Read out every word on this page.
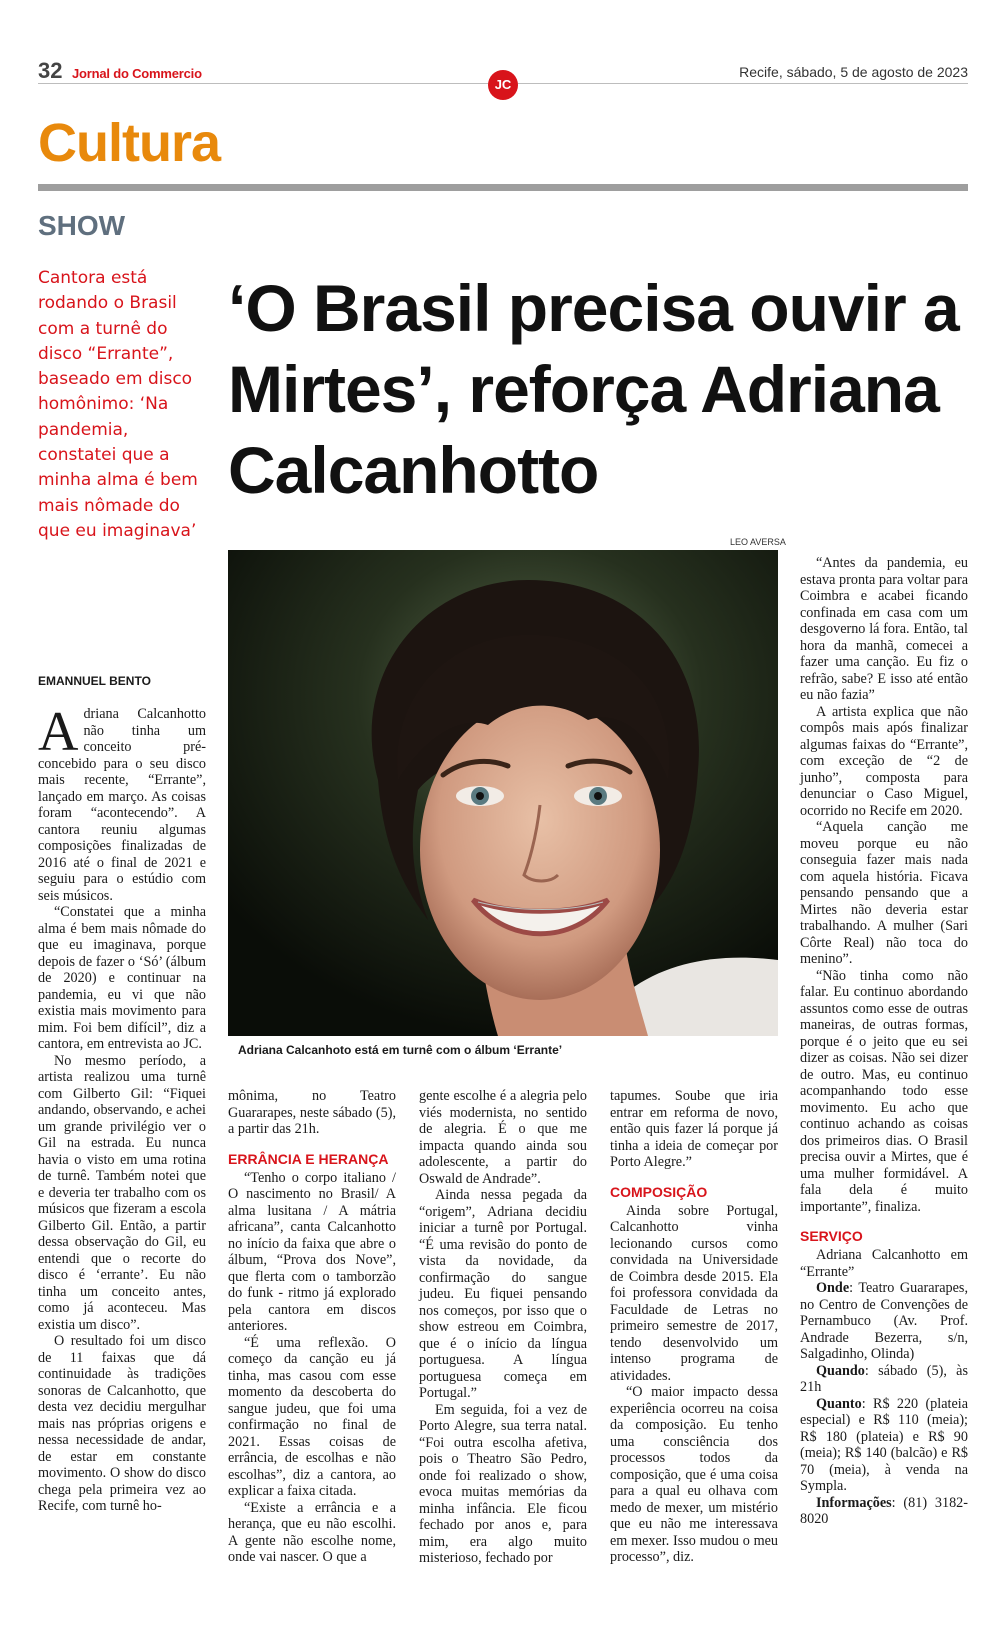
32 Jornal do Commercio
JC
Recife, sábado, 5 de agosto de 2023
Cultura
SHOW
Cantora está rodando o Brasil com a turnê do disco “Errante”, baseado em disco homônimo: ‘Na pandemia, constatei que a minha alma é bem mais nômade do que eu imaginava’
‘O Brasil precisa ouvir a Mirtes’, reforça Adriana Calcanhotto
LEO AVERSA
Adriana Calcanhoto está em turnê com o álbum ‘Errante’
EMANNUEL BENTO

Adriana Calcanhotto não tinha um conceito pré-concebido para o seu disco mais recente, “Errante”, lançado em março. As coisas foram “acontecendo”. A cantora reuniu algumas composições finalizadas de 2016 até o final de 2021 e seguiu para o estúdio com seis músicos.

“Constatei que a minha alma é bem mais nômade do que eu imaginava, porque depois de fazer o ‘Só’ (álbum de 2020) e continuar na pandemia, eu vi que não existia mais movimento para mim. Foi bem difícil”, diz a cantora, em entrevista ao JC.

No mesmo período, a artista realizou uma turnê com Gilberto Gil: “Fiquei andando, observando, e achei um grande privilégio ver o Gil na estrada. Eu nunca havia o visto em uma rotina de turnê. Também notei que e deveria ter trabalho com os músicos que fizeram a escola Gilberto Gil. Então, a partir dessa observação do Gil, eu entendi que o recorte do disco é ‘errante’. Eu não tinha um conceito antes, como já aconteceu. Mas existia um disco”.

O resultado foi um disco de 11 faixas que dá continuidade às tradições sonoras de Calcanhotto, que desta vez decidiu mergulhar mais nas próprias origens e nessa necessidade de andar, de estar em constante movimento. O show do disco chega pela primeira vez ao Recife, com turnê ho-

mônima, no Teatro Guararapes, neste sábado (5), a partir das 21h.

ERRÂNCIA E HERANÇA

“Tenho o corpo italiano / O nascimento no Brasil/ A alma lusitana / A mátria africana”, canta Calcanhotto no início da faixa que abre o álbum, “Prova dos Nove”, que flerta com o tamborzão do funk - ritmo já explorado pela cantora em discos anteriores.

“É uma reflexão. O começo da canção eu já tinha, mas casou com esse momento da descoberta do sangue judeu, que foi uma confirmação no final de 2021. Essas coisas de errância, de escolhas e não escolhas”, diz a cantora, ao explicar a faixa citada.

“Existe a errância e a herança, que eu não escolhi. A gente não escolhe nome, onde vai nascer. O que a

gente escolhe é a alegria pelo viés modernista, no sentido de alegria. É o que me impacta quando ainda sou adolescente, a partir do Oswald de Andrade”.

Ainda nessa pegada da “origem”, Adriana decidiu iniciar a turnê por Portugal. “É uma revisão do ponto de vista da novidade, da confirmação do sangue judeu. Eu fiquei pensando nos começos, por isso que o show estreou em Coimbra, que é o início da língua portuguesa. A língua portuguesa começa em Portugal.”

Em seguida, foi a vez de Porto Alegre, sua terra natal. “Foi outra escolha afetiva, pois o Theatro São Pedro, onde foi realizado o show, evoca muitas memórias da minha infância. Ele ficou fechado por anos e, para mim, era algo muito misterioso, fechado por

tapumes. Soube que iria entrar em reforma de novo, então quis fazer lá porque já tinha a ideia de começar por Porto Alegre.”

COMPOSIÇÃO

Ainda sobre Portugal, Calcanhotto vinha lecionando cursos como convidada na Universidade de Coimbra desde 2015. Ela foi professora convidada da Faculdade de Letras no primeiro semestre de 2017, tendo desenvolvido um intenso programa de atividades.

“O maior impacto dessa experiência ocorreu na coisa da composição. Eu tenho uma consciência dos processos todos da composição, que é uma coisa para a qual eu olhava com medo de mexer, um mistério que eu não me interessava em mexer. Isso mudou o meu processo”, diz.

“Antes da pandemia, eu estava pronta para voltar para Coimbra e acabei ficando confinada em casa com um desgoverno lá fora. Então, tal hora da manhã, comecei a fazer uma canção. Eu fiz o refrão, sabe? E isso até então eu não fazia”

A artista explica que não compôs mais após finalizar algumas faixas do “Errante”, com exceção de “2 de junho”, composta para denunciar o Caso Miguel, ocorrido no Recife em 2020.

“Aquela canção me moveu porque eu não conseguia fazer mais nada com aquela história. Ficava pensando pensando que a Mirtes não deveria estar trabalhando. A mulher (Sari Côrte Real) não toca do menino”.

“Não tinha como não falar. Eu continuo abordando assuntos como esse de outras maneiras, de outras formas, porque é o jeito que eu sei dizer as coisas. Não sei dizer de outro. Mas, eu continuo acompanhando todo esse movimento. Eu acho que continuo achando as coisas dos primeiros dias. O Brasil precisa ouvir a Mirtes, que é uma mulher formidável. A fala dela é muito importante”, finaliza.

SERVIÇO

Adriana Calcanhotto em “Errante”

Onde: Teatro Guararapes, no Centro de Convenções de Pernambuco (Av. Prof. Andrade Bezerra, s/n, Salgadinho, Olinda)

Quando: sábado (5), às 21h

Quanto: R$ 220 (plateia especial) e R$ 110 (meia); R$ 180 (plateia) e R$ 90 (meia); R$ 140 (balcão) e R$ 70 (meia), à venda na Sympla.

Informações: (81) 3182-8020
